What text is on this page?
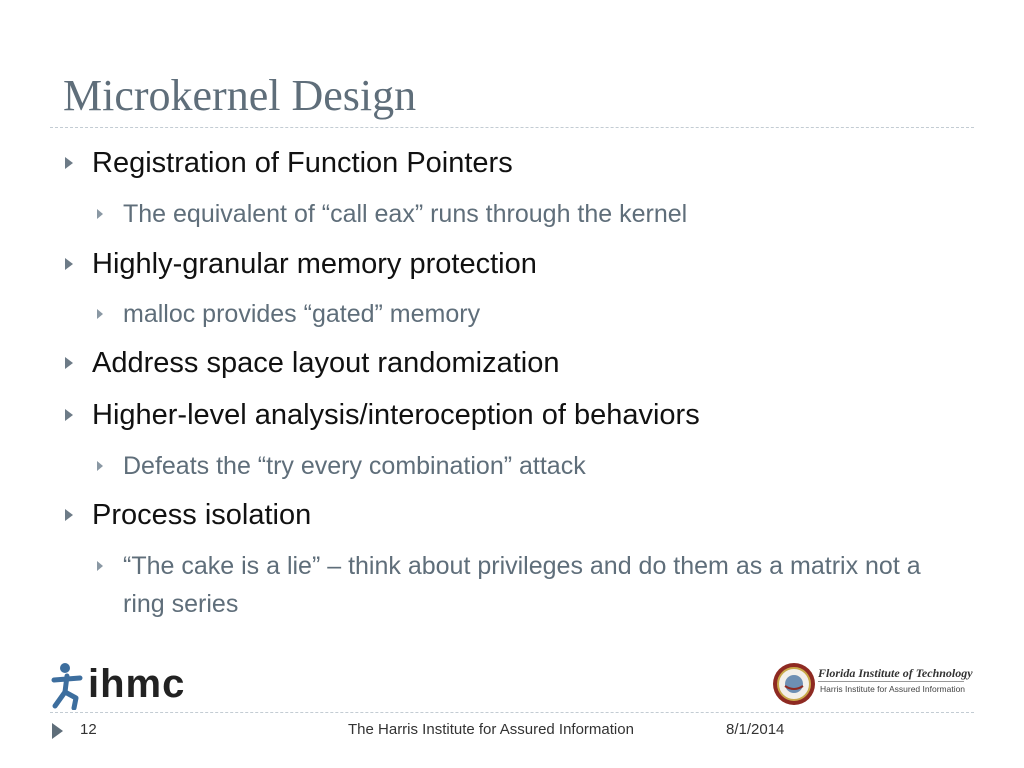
Microkernel Design
Registration of Function Pointers
The equivalent of “call eax” runs through the kernel
Highly-granular memory protection
malloc provides “gated” memory
Address space layout randomization
Higher-level analysis/interoception of behaviors
Defeats the “try every combination” attack
Process isolation
“The cake is a lie” – think about privileges and do them as a matrix not a ring series
ihmc	Florida Institute of Technology
Harris Institute for Assured Information
12	The Harris Institute for Assured Information	8/1/2014
